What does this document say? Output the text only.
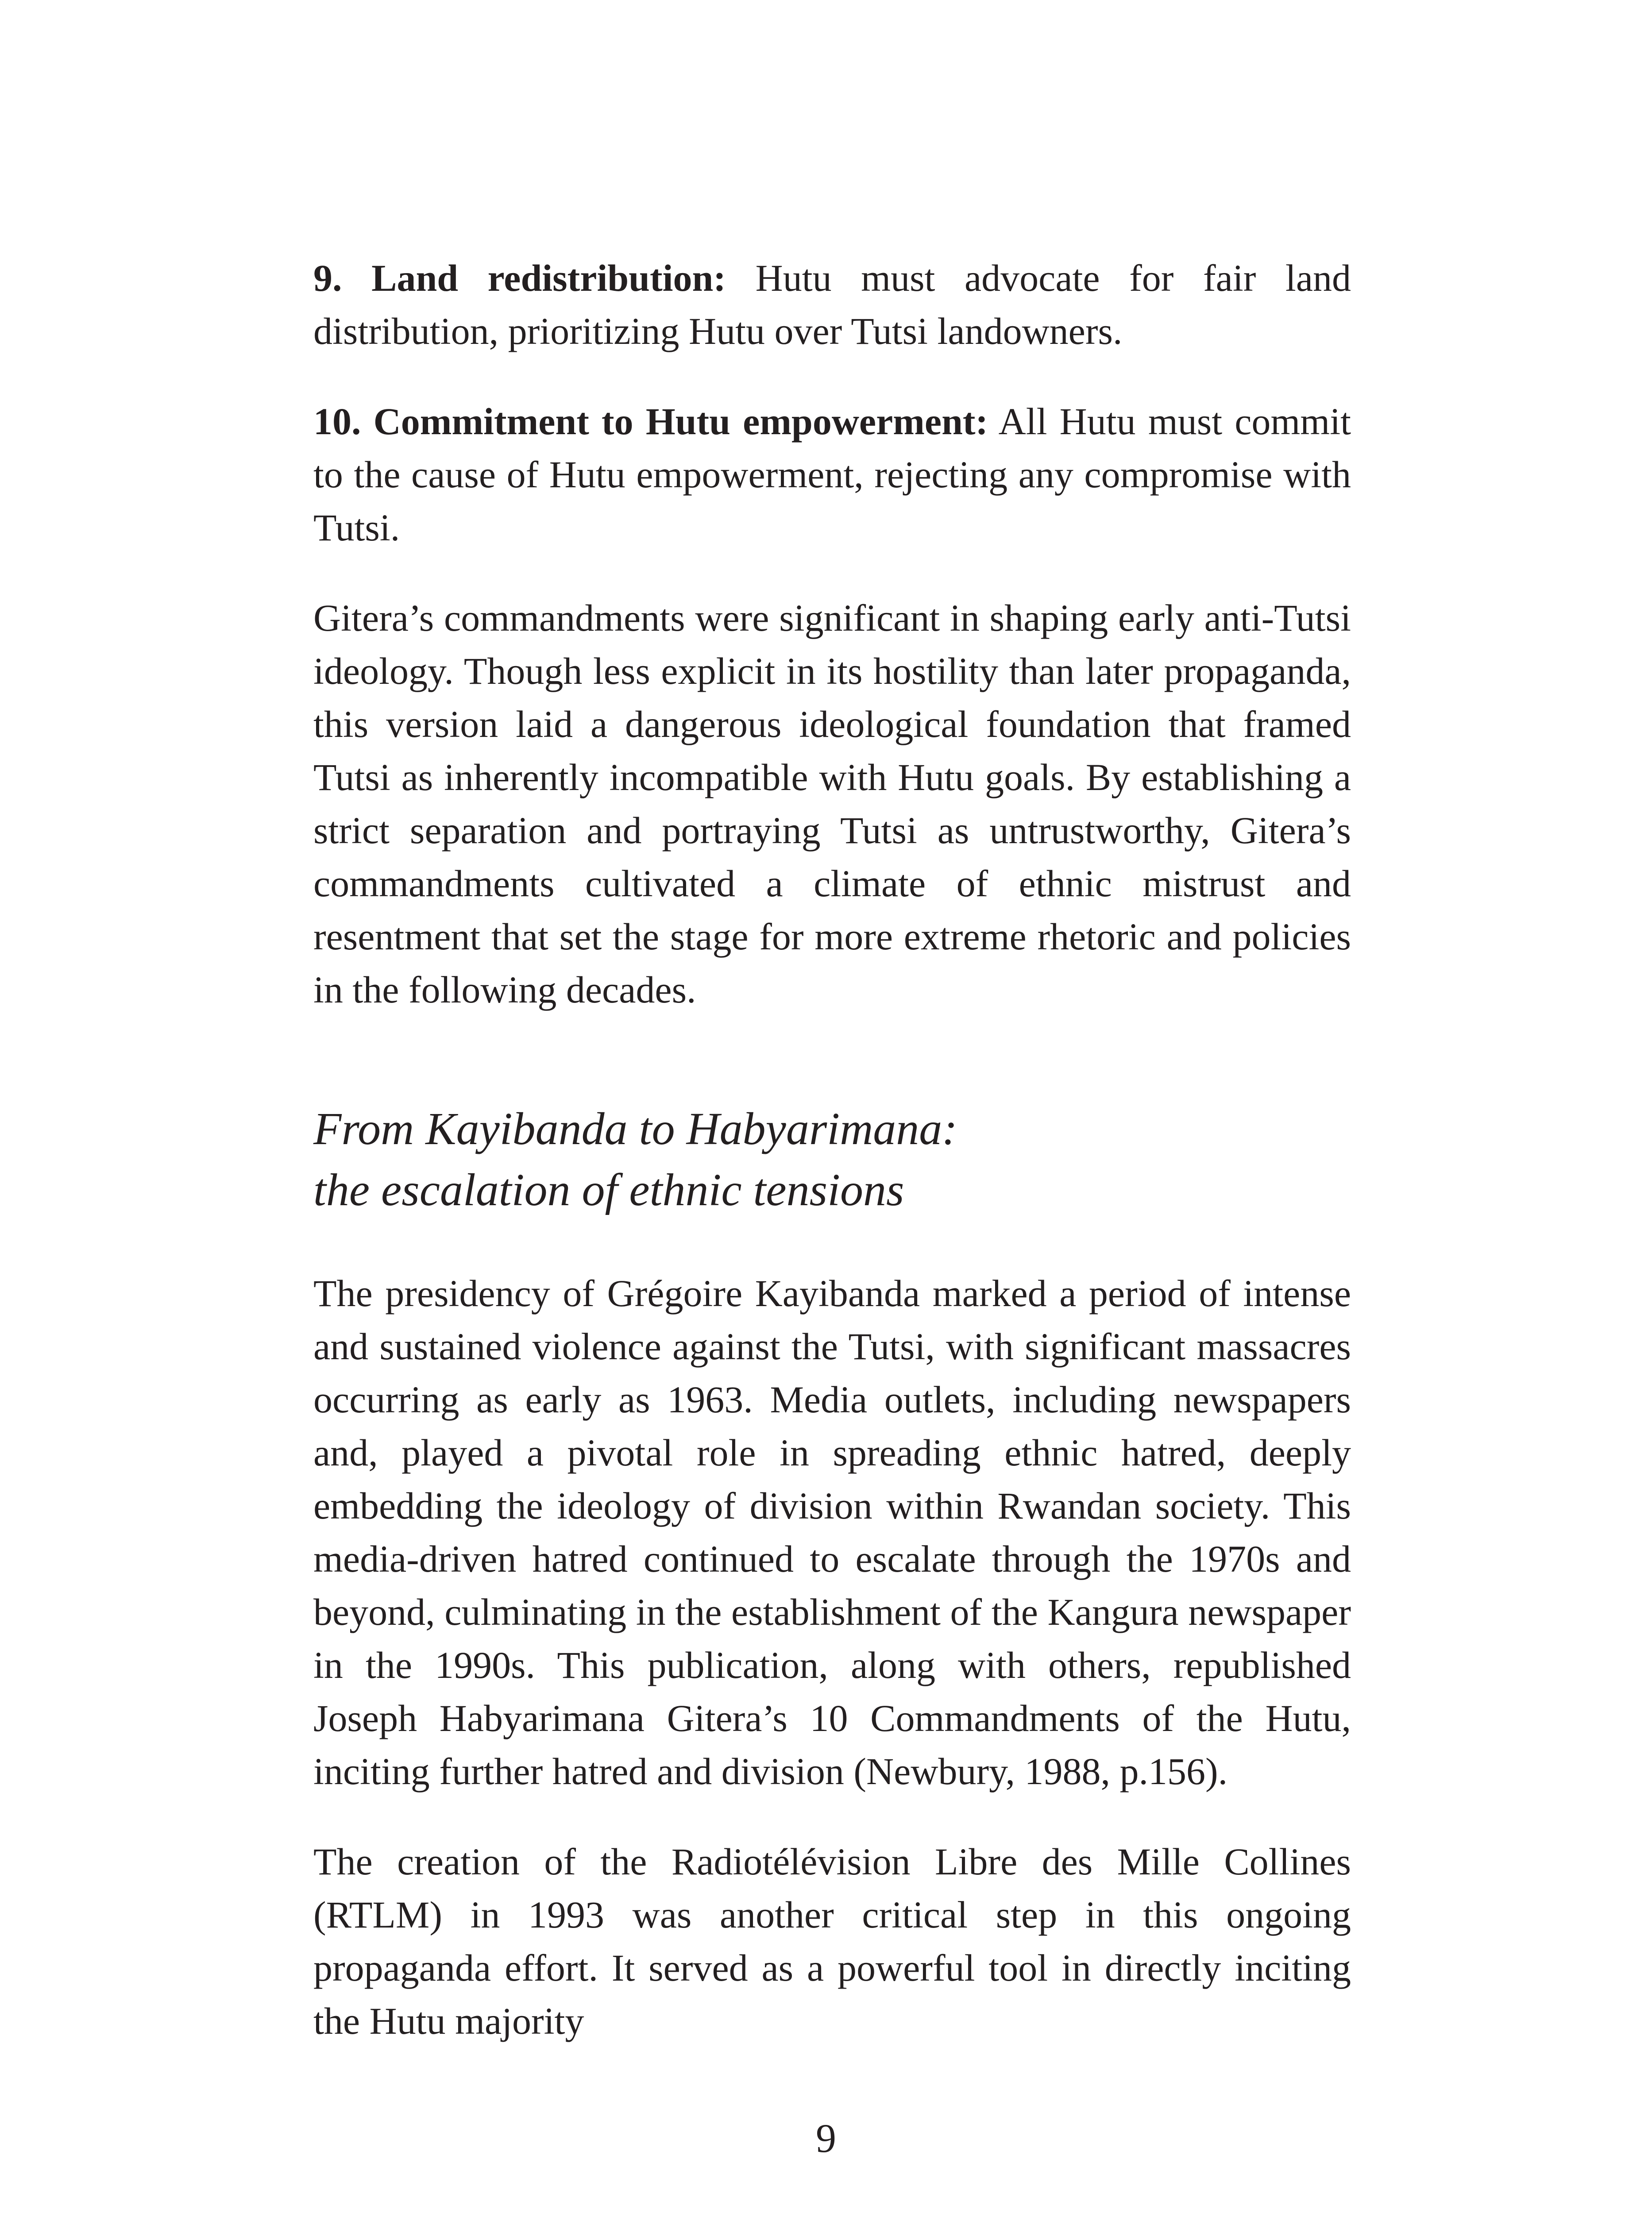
9. Land redistribution: Hutu must advocate for fair land distribution, prioritizing Hutu over Tutsi landowners.

10. Commitment to Hutu empowerment: All Hutu must commit to the cause of Hutu empowerment, rejecting any compromise with Tutsi.

Gitera’s commandments were significant in shaping early anti-Tutsi ideology. Though less explicit in its hostility than later propaganda, this version laid a dangerous ideological foundation that framed Tutsi as inherently incompatible with Hutu goals. By establishing a strict separation and portraying Tutsi as untrustworthy, Gitera’s commandments cultivated a climate of ethnic mistrust and resentment that set the stage for more extreme rhetoric and policies in the following decades.

From Kayibanda to Habyarimana:
the escalation of ethnic tensions

The presidency of Grégoire Kayibanda marked a period of intense and sustained violence against the Tutsi, with significant massacres occurring as early as 1963. Media outlets, including newspapers and, played a pivotal role in spreading ethnic hatred, deeply embedding the ideology of division within Rwandan society. This media-driven hatred continued to escalate through the 1970s and beyond, culminating in the establishment of the Kangura newspaper in the 1990s. This publication, along with others, republished Joseph Habyarimana Gitera’s 10 Commandments of the Hutu, inciting further hatred and division (Newbury, 1988, p.156).

The creation of the Radiotélévision Libre des Mille Collines (RTLM) in 1993 was another critical step in this ongoing propaganda effort. It served as a powerful tool in directly inciting the Hutu majority

9
